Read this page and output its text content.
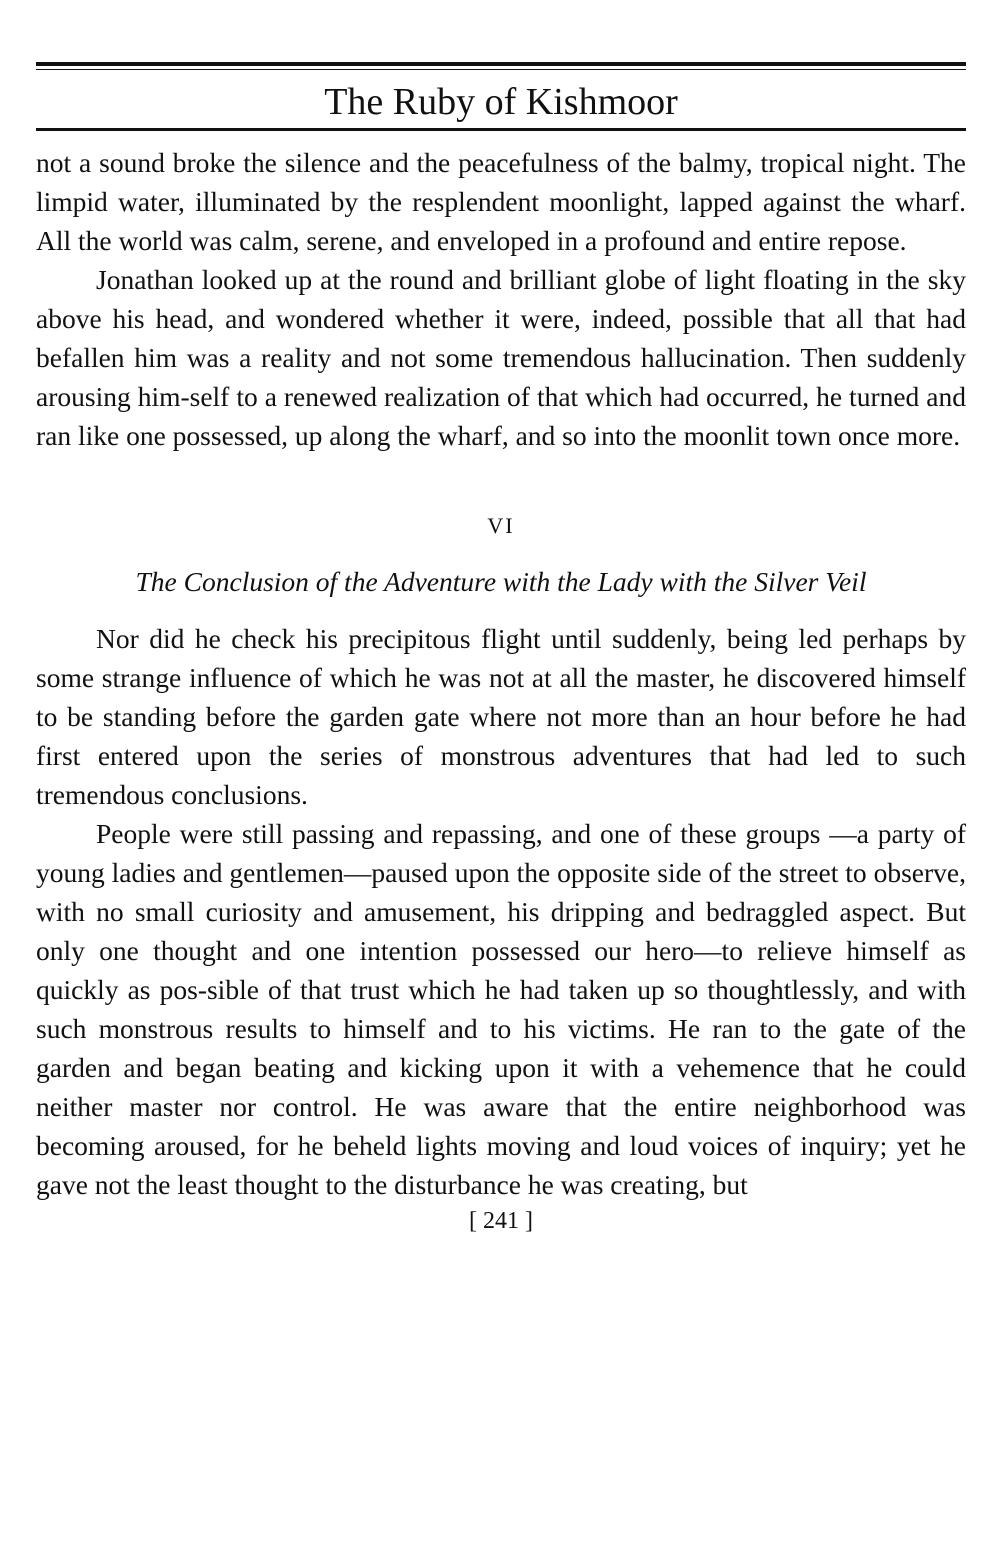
The Ruby of Kishmoor

not a sound broke the silence and the peacefulness of the balmy, tropical night. The limpid water, illuminated by the resplendent moonlight, lapped against the wharf. All the world was calm, serene, and enveloped in a profound and entire repose.

Jonathan looked up at the round and brilliant globe of light floating in the sky above his head, and wondered whether it were, indeed, possible that all that had befallen him was a reality and not some tremendous hallucination. Then suddenly arousing him-self to a renewed realization of that which had occurred, he turned and ran like one possessed, up along the wharf, and so into the moonlit town once more.

VI
The Conclusion of the Adventure with the Lady with the Silver Veil

Nor did he check his precipitous flight until suddenly, being led perhaps by some strange influence of which he was not at all the master, he discovered himself to be standing before the garden gate where not more than an hour before he had first entered upon the series of monstrous adventures that had led to such tremendous conclusions.

People were still passing and repassing, and one of these groups —a party of young ladies and gentlemen—paused upon the opposite side of the street to observe, with no small curiosity and amusement, his dripping and bedraggled aspect. But only one thought and one intention possessed our hero—to relieve himself as quickly as pos-sible of that trust which he had taken up so thoughtlessly, and with such monstrous results to himself and to his victims. He ran to the gate of the garden and began beating and kicking upon it with a vehemence that he could neither master nor control. He was aware that the entire neighborhood was becoming aroused, for he beheld lights moving and loud voices of inquiry; yet he gave not the least thought to the disturbance he was creating, but

[ 241 ]
